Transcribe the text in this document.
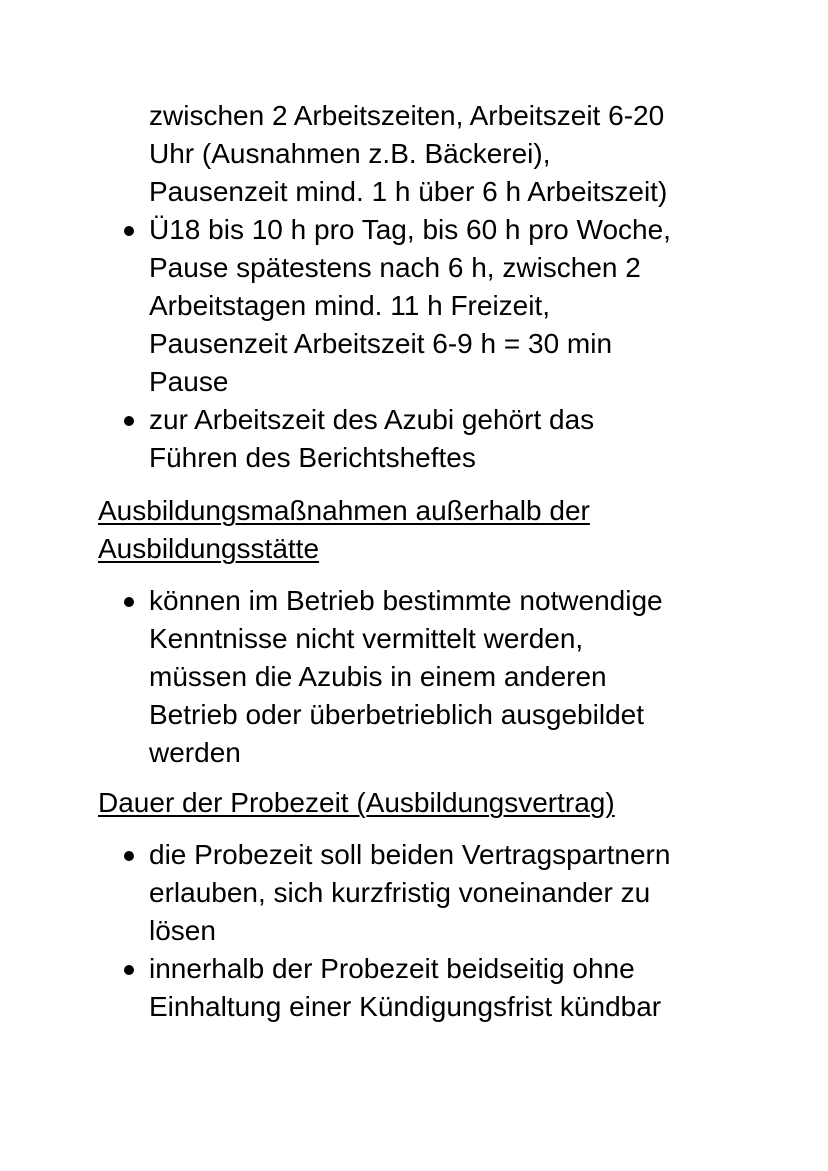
zwischen 2 Arbeitszeiten, Arbeitszeit 6-20
Uhr (Ausnahmen z.B. Bäckerei),
Pausenzeit mind. 1 h über 6 h Arbeitszeit)
Ü18 bis 10 h pro Tag, bis 60 h pro Woche,
Pause spätestens nach 6 h, zwischen 2
Arbeitstagen mind. 11 h Freizeit,
Pausenzeit Arbeitszeit 6-9 h = 30 min
Pause
zur Arbeitszeit des Azubi gehört das
Führen des Berichtsheftes
Ausbildungsmaßnahmen außerhalb der
Ausbildungsstätte
können im Betrieb bestimmte notwendige
Kenntnisse nicht vermittelt werden,
müssen die Azubis in einem anderen
Betrieb oder überbetrieblich ausgebildet
werden
Dauer der Probezeit (Ausbildungsvertrag)
die Probezeit soll beiden Vertragspartnern
erlauben, sich kurzfristig voneinander zu
lösen
innerhalb der Probezeit beidseitig ohne
Einhaltung einer Kündigungsfrist kündbar
